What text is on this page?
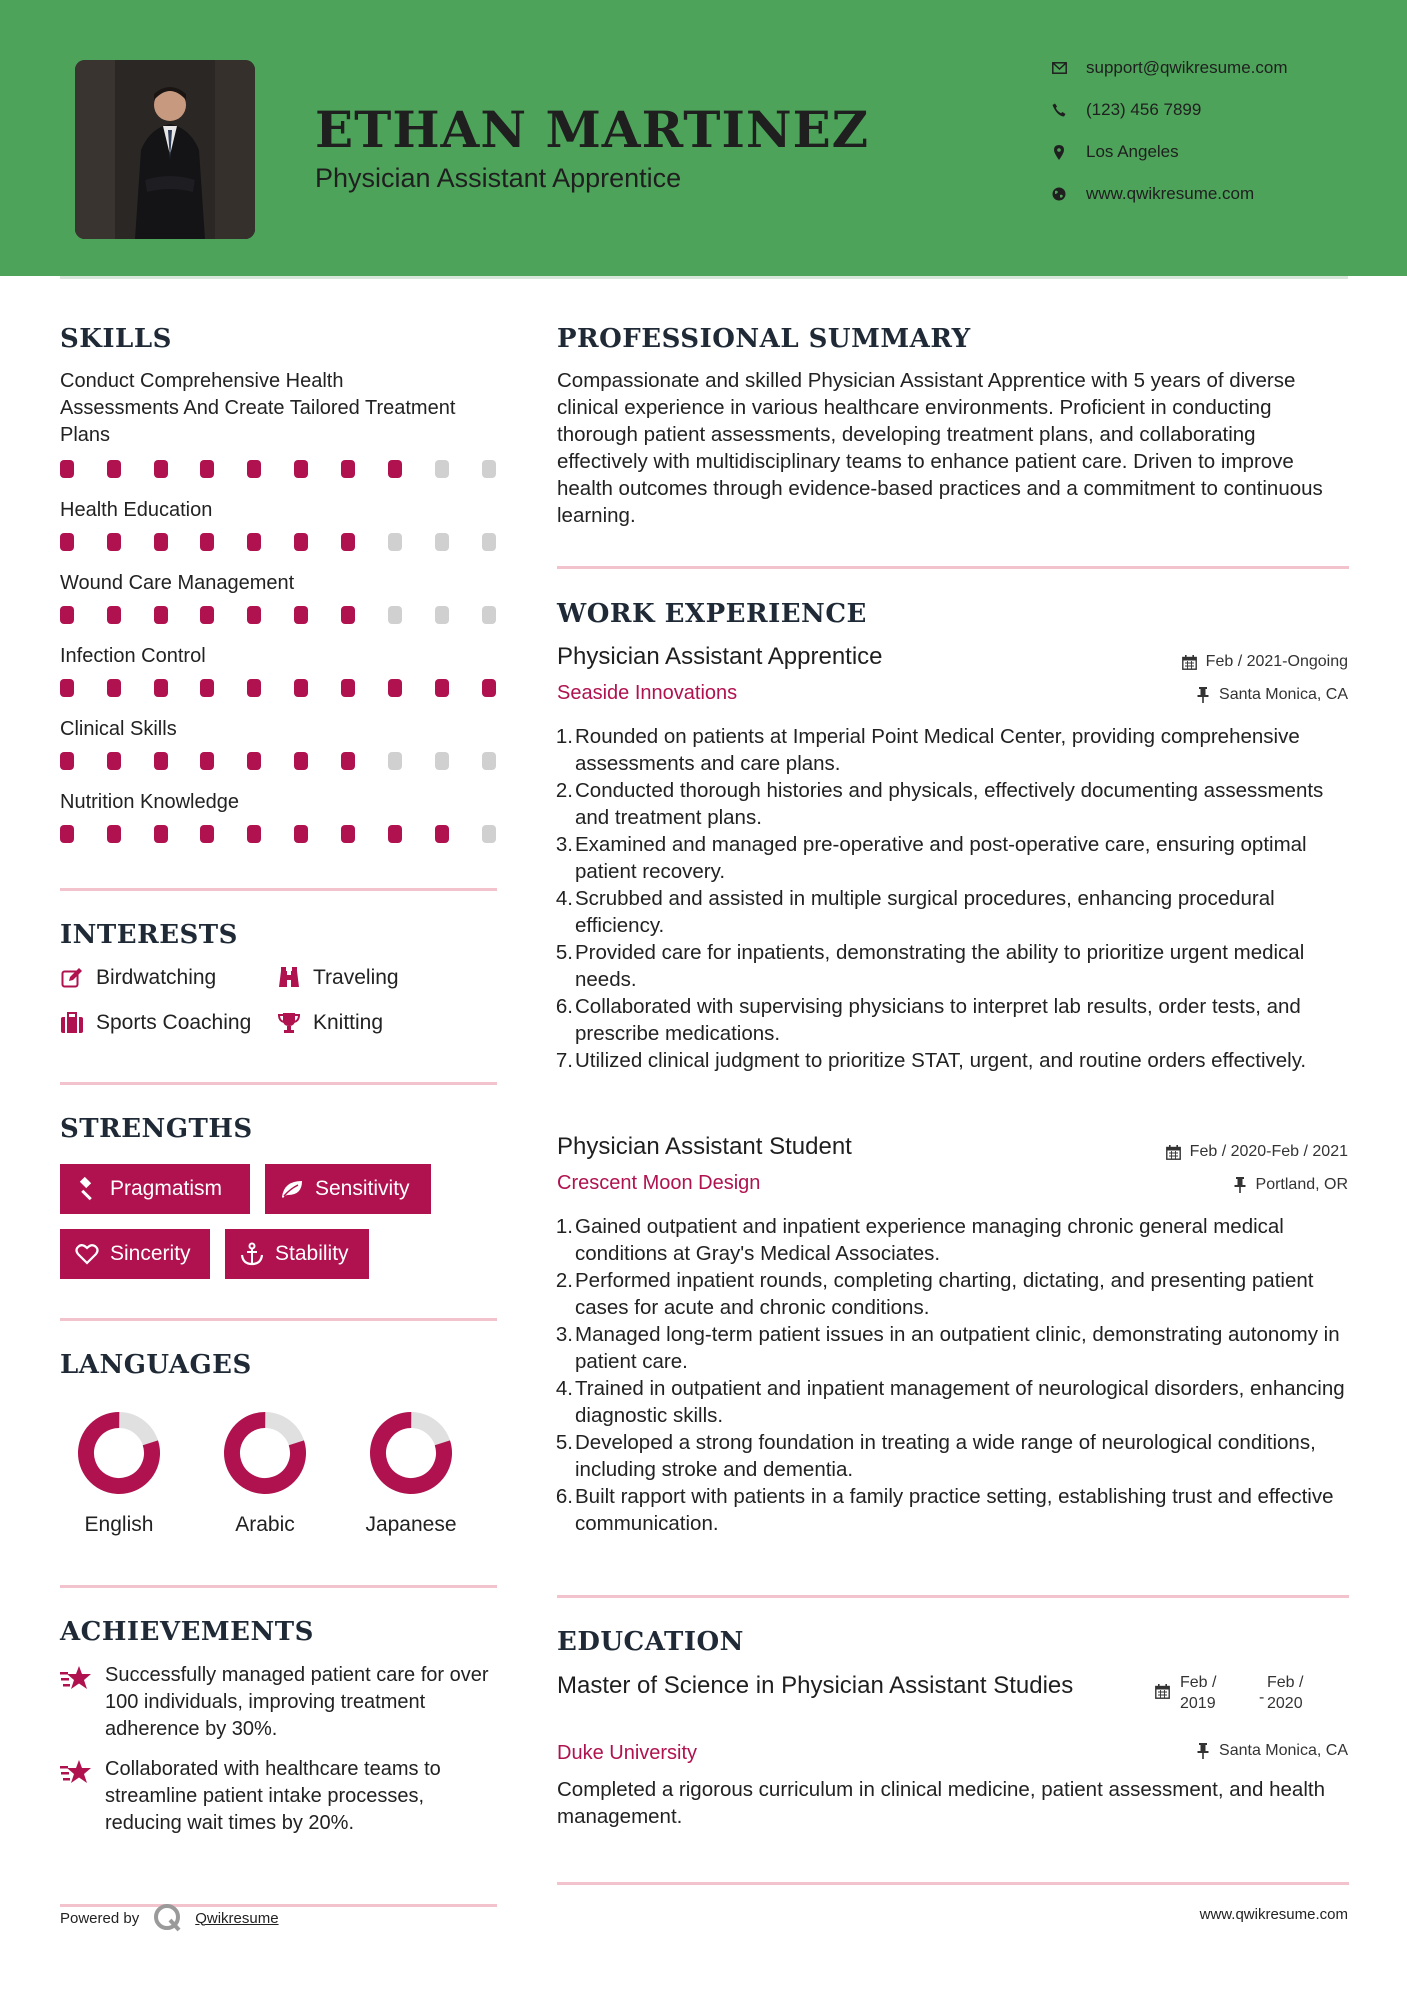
ETHAN MARTINEZ
Physician Assistant Apprentice
support@qwikresume.com
(123) 456 7899
Los Angeles
www.qwikresume.com
SKILLS
Conduct Comprehensive Health Assessments And Create Tailored Treatment Plans
Health Education
Wound Care Management
Infection Control
Clinical Skills
Nutrition Knowledge
INTERESTS
Birdwatching	Traveling
Sports Coaching	Knitting
STRENGTHS
Pragmatism	Sensitivity
Sincerity	Stability
LANGUAGES
English	Arabic	Japanese
ACHIEVEMENTS
Successfully managed patient care for over 100 individuals, improving treatment adherence by 30%.
Collaborated with healthcare teams to streamline patient intake processes, reducing wait times by 20%.
PROFESSIONAL SUMMARY
Compassionate and skilled Physician Assistant Apprentice with 5 years of diverse clinical experience in various healthcare environments. Proficient in conducting thorough patient assessments, developing treatment plans, and collaborating effectively with multidisciplinary teams to enhance patient care. Driven to improve health outcomes through evidence-based practices and a commitment to continuous learning.
WORK EXPERIENCE
Physician Assistant Apprentice	Feb / 2021-Ongoing
Seaside Innovations	Santa Monica, CA
1. Rounded on patients at Imperial Point Medical Center, providing comprehensive assessments and care plans.
2. Conducted thorough histories and physicals, effectively documenting assessments and treatment plans.
3. Examined and managed pre-operative and post-operative care, ensuring optimal patient recovery.
4. Scrubbed and assisted in multiple surgical procedures, enhancing procedural efficiency.
5. Provided care for inpatients, demonstrating the ability to prioritize urgent medical needs.
6. Collaborated with supervising physicians to interpret lab results, order tests, and prescribe medications.
7. Utilized clinical judgment to prioritize STAT, urgent, and routine orders effectively.
Physician Assistant Student	Feb / 2020-Feb / 2021
Crescent Moon Design	Portland, OR
1. Gained outpatient and inpatient experience managing chronic general medical conditions at Gray's Medical Associates.
2. Performed inpatient rounds, completing charting, dictating, and presenting patient cases for acute and chronic conditions.
3. Managed long-term patient issues in an outpatient clinic, demonstrating autonomy in patient care.
4. Trained in outpatient and inpatient management of neurological disorders, enhancing diagnostic skills.
5. Developed a strong foundation in treating a wide range of neurological conditions, including stroke and dementia.
6. Built rapport with patients in a family practice setting, establishing trust and effective communication.
EDUCATION
Master of Science in Physician Assistant Studies	Feb / 2019	-
Feb / 2020
Duke University	Santa Monica, CA
Completed a rigorous curriculum in clinical medicine, patient assessment, and health management.
Powered by	Qwikresume	www.qwikresume.com
